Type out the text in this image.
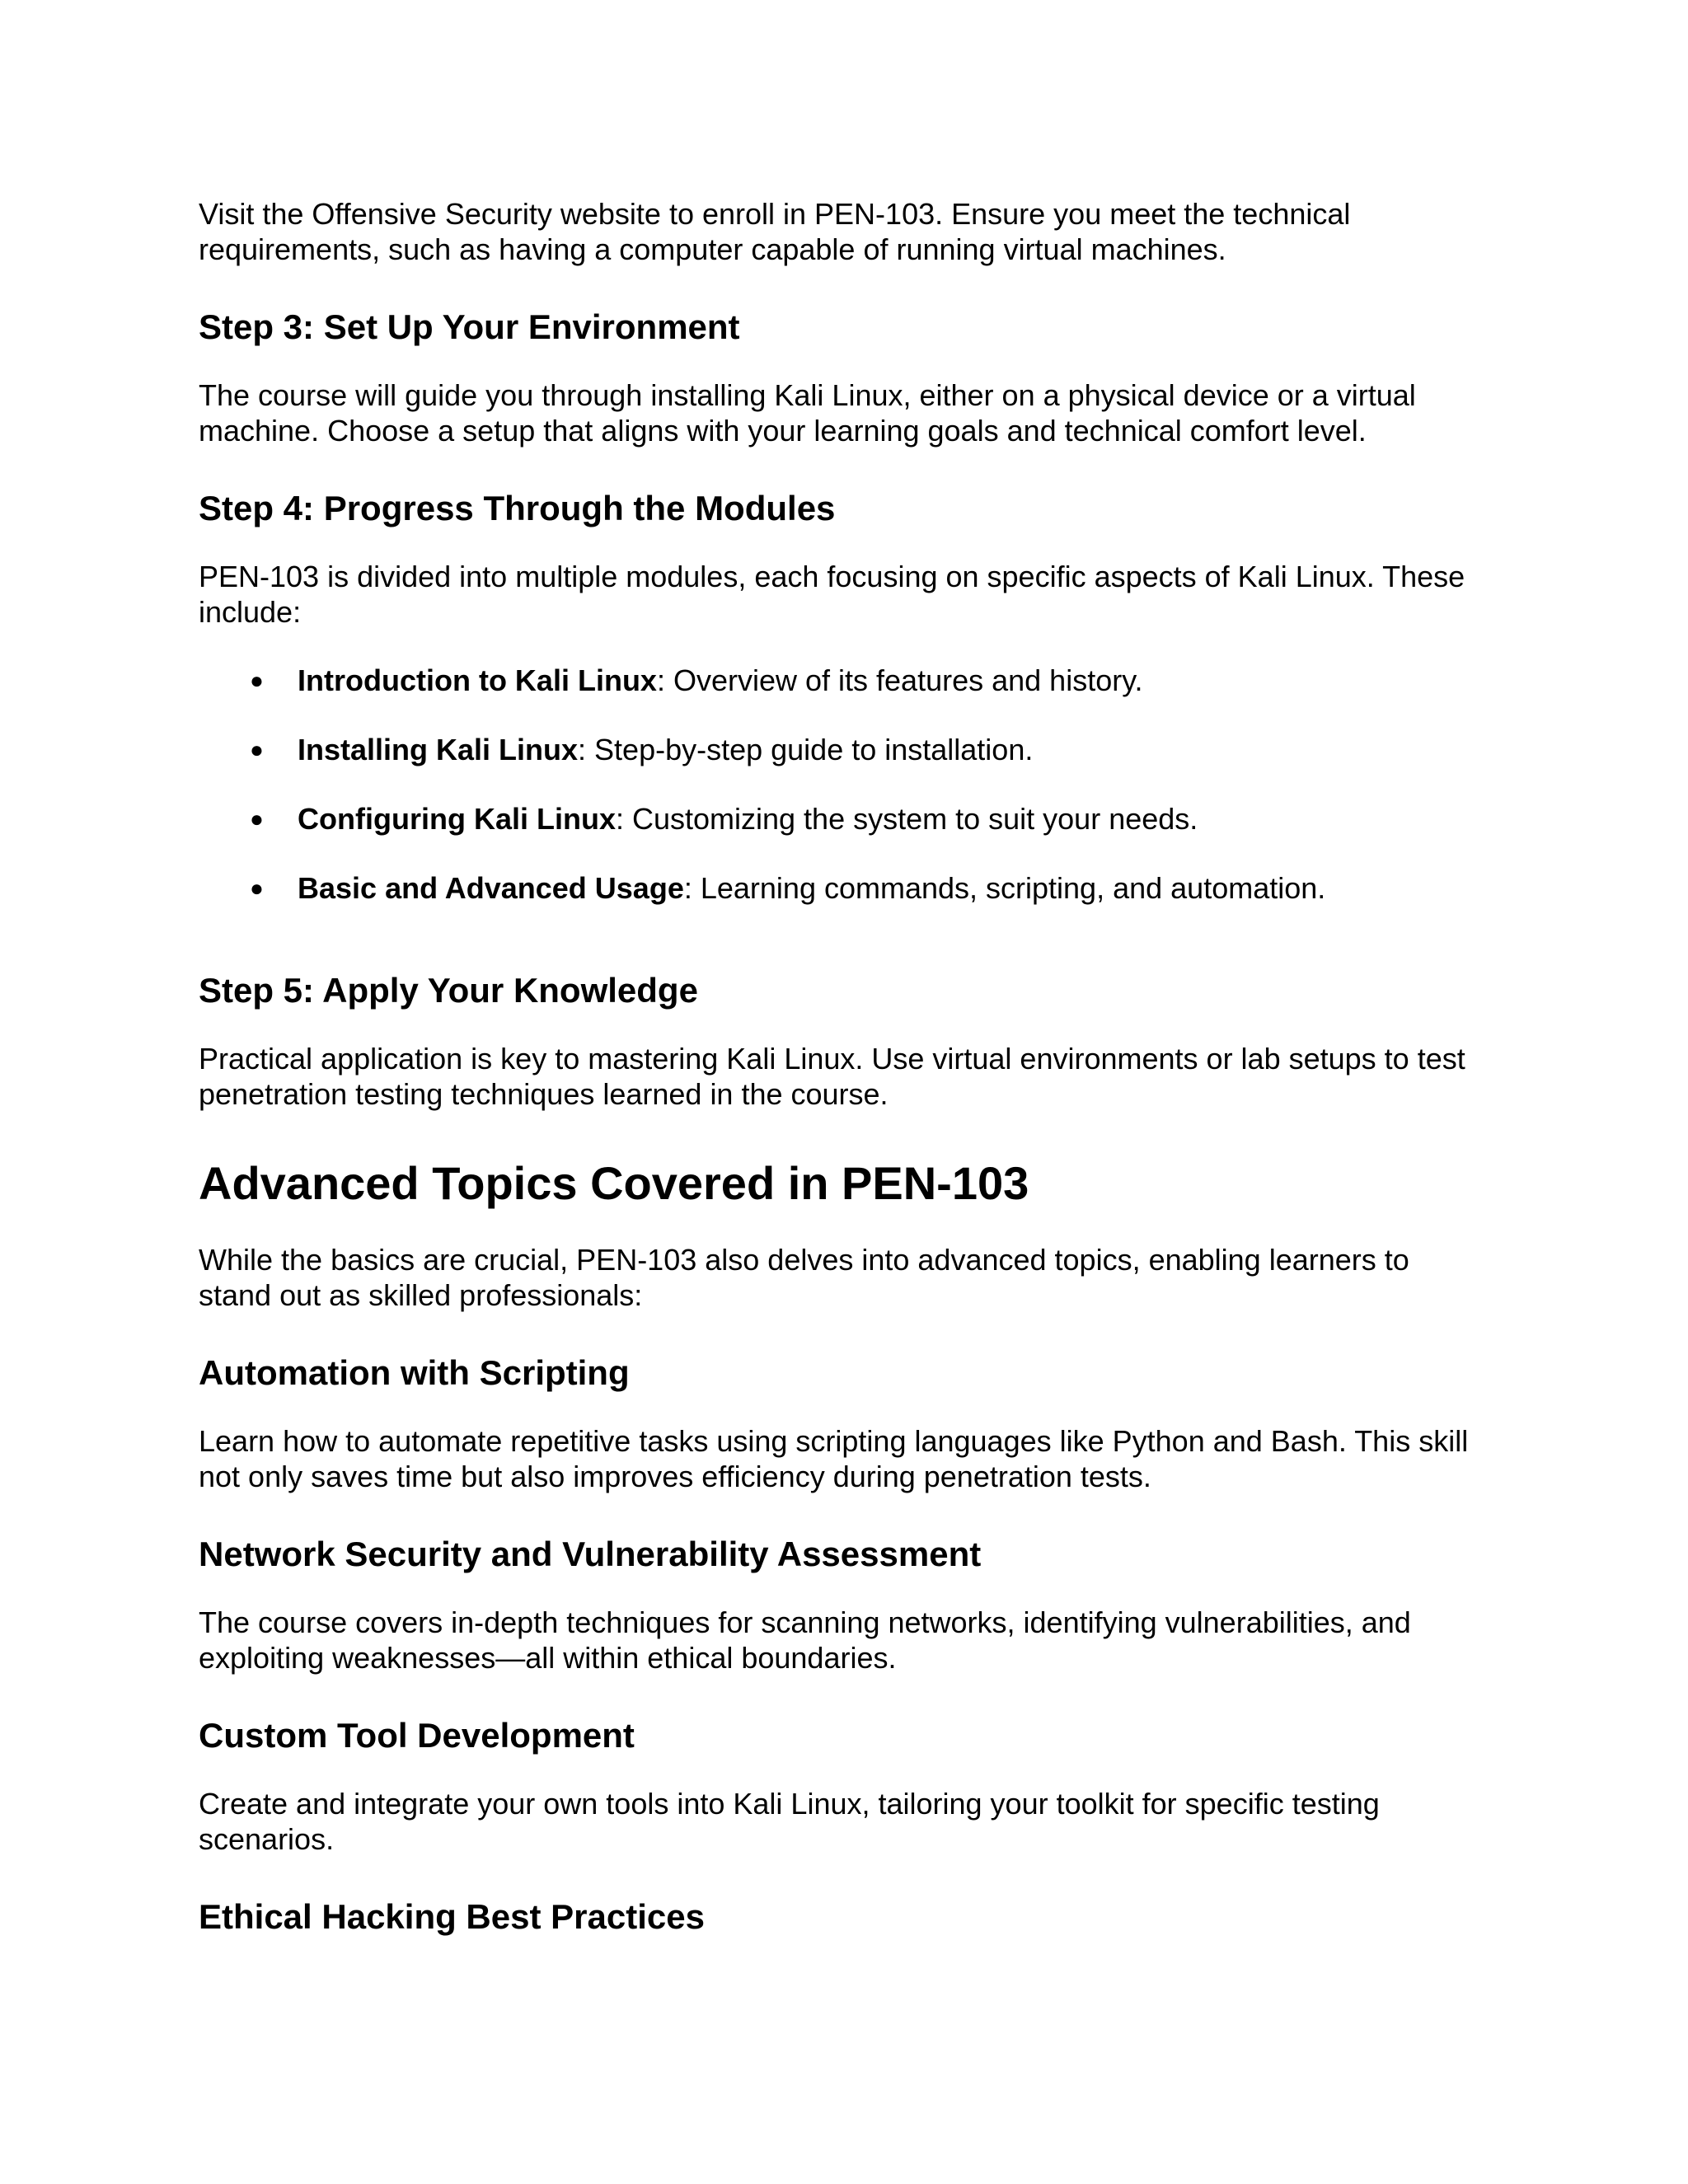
Visit the Offensive Security website to enroll in PEN-103. Ensure you meet the technical requirements, such as having a computer capable of running virtual machines.

Step 3: Set Up Your Environment

The course will guide you through installing Kali Linux, either on a physical device or a virtual machine. Choose a setup that aligns with your learning goals and technical comfort level.

Step 4: Progress Through the Modules

PEN-103 is divided into multiple modules, each focusing on specific aspects of Kali Linux. These include:

● Introduction to Kali Linux: Overview of its features and history.
● Installing Kali Linux: Step-by-step guide to installation.
● Configuring Kali Linux: Customizing the system to suit your needs.
● Basic and Advanced Usage: Learning commands, scripting, and automation.
Step 5: Apply Your Knowledge

Practical application is key to mastering Kali Linux. Use virtual environments or lab setups to test penetration testing techniques learned in the course.

Advanced Topics Covered in PEN-103

While the basics are crucial, PEN-103 also delves into advanced topics, enabling learners to stand out as skilled professionals:

Automation with Scripting

Learn how to automate repetitive tasks using scripting languages like Python and Bash. This skill not only saves time but also improves efficiency during penetration tests.

Network Security and Vulnerability Assessment

The course covers in-depth techniques for scanning networks, identifying vulnerabilities, and exploiting weaknesses—all within ethical boundaries.

Custom Tool Development

Create and integrate your own tools into Kali Linux, tailoring your toolkit for specific testing scenarios.

Ethical Hacking Best Practices
